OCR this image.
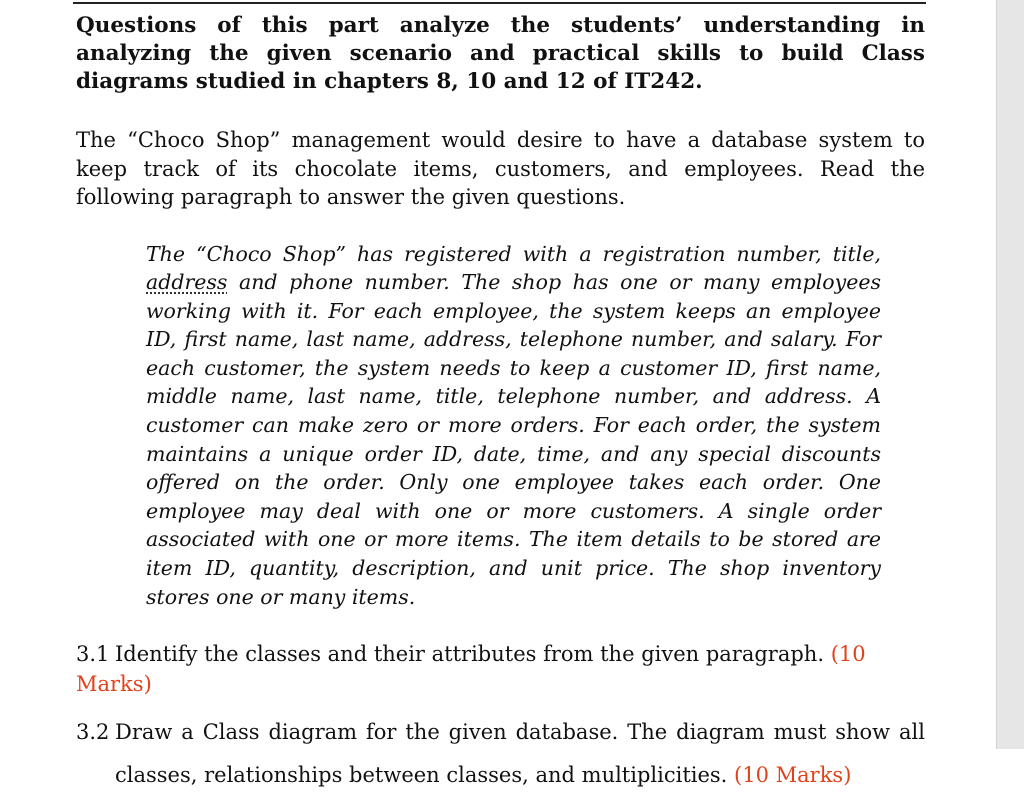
Questions of this part analyze the students’ understanding in analyzing the given scenario and practical skills to build Class diagrams studied in chapters 8, 10 and 12 of IT242.

The “Choco Shop” management would desire to have a database system to keep track of its chocolate items, customers, and employees. Read the following paragraph to answer the given questions.

The “Choco Shop” has registered with a registration number, title, address and phone number. The shop has one or many employees working with it. For each employee, the system keeps an employee ID, first name, last name, address, telephone number, and salary. For each customer, the system needs to keep a customer ID, first name, middle name, last name, title, telephone number, and address. A customer can make zero or more orders. For each order, the system maintains a unique order ID, date, time, and any special discounts offered on the order. Only one employee takes each order. One employee may deal with one or more customers. A single order associated with one or more items. The item details to be stored are item ID, quantity, description, and unit price. The shop inventory stores one or many items.

3.1 Identify the classes and their attributes from the given paragraph. (10 Marks)

3.2 Draw a Class diagram for the given database. The diagram must show all classes, relationships between classes, and multiplicities. (10 Marks)
